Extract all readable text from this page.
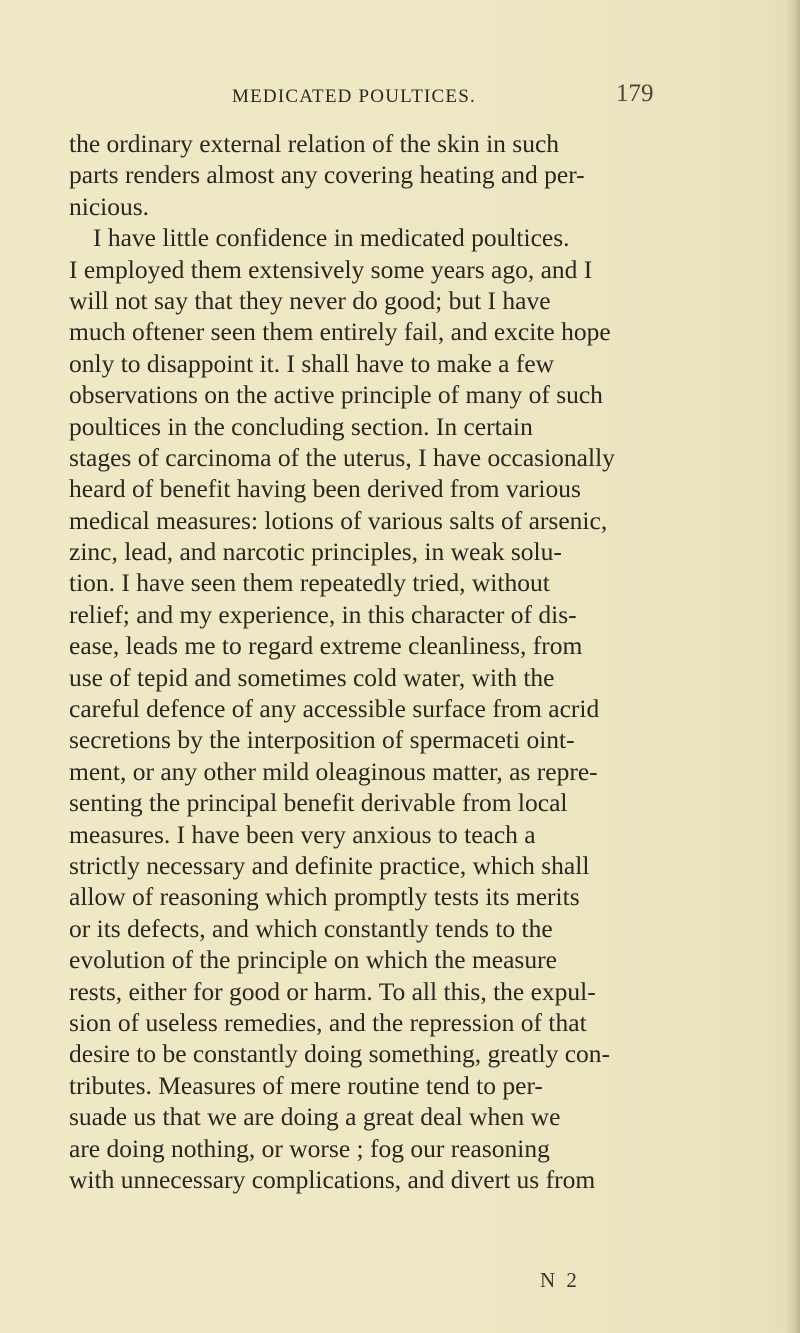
MEDICATED POULTICES.	179
the ordinary external relation of the skin in such
parts renders almost any covering heating and per-
nicious.
I have little confidence in medicated poultices.
I employed them extensively some years ago, and I
will not say that they never do good; but I have
much oftener seen them entirely fail, and excite hope
only to disappoint it. I shall have to make a few
observations on the active principle of many of such
poultices in the concluding section. In certain
stages of carcinoma of the uterus, I have occasionally
heard of benefit having been derived from various
medical measures: lotions of various salts of arsenic,
zinc, lead, and narcotic principles, in weak solu-
tion. I have seen them repeatedly tried, without
relief; and my experience, in this character of dis-
ease, leads me to regard extreme cleanliness, from
use of tepid and sometimes cold water, with the
careful defence of any accessible surface from acrid
secretions by the interposition of spermaceti oint-
ment, or any other mild oleaginous matter, as repre-
senting the principal benefit derivable from local
measures. I have been very anxious to teach a
strictly necessary and definite practice, which shall
allow of reasoning which promptly tests its merits
or its defects, and which constantly tends to the
evolution of the principle on which the measure
rests, either for good or harm. To all this, the expul-
sion of useless remedies, and the repression of that
desire to be constantly doing something, greatly con-
tributes. Measures of mere routine tend to per-
suade us that we are doing a great deal when we
are doing nothing, or worse ; fog our reasoning
with unnecessary complications, and divert us from
N 2
